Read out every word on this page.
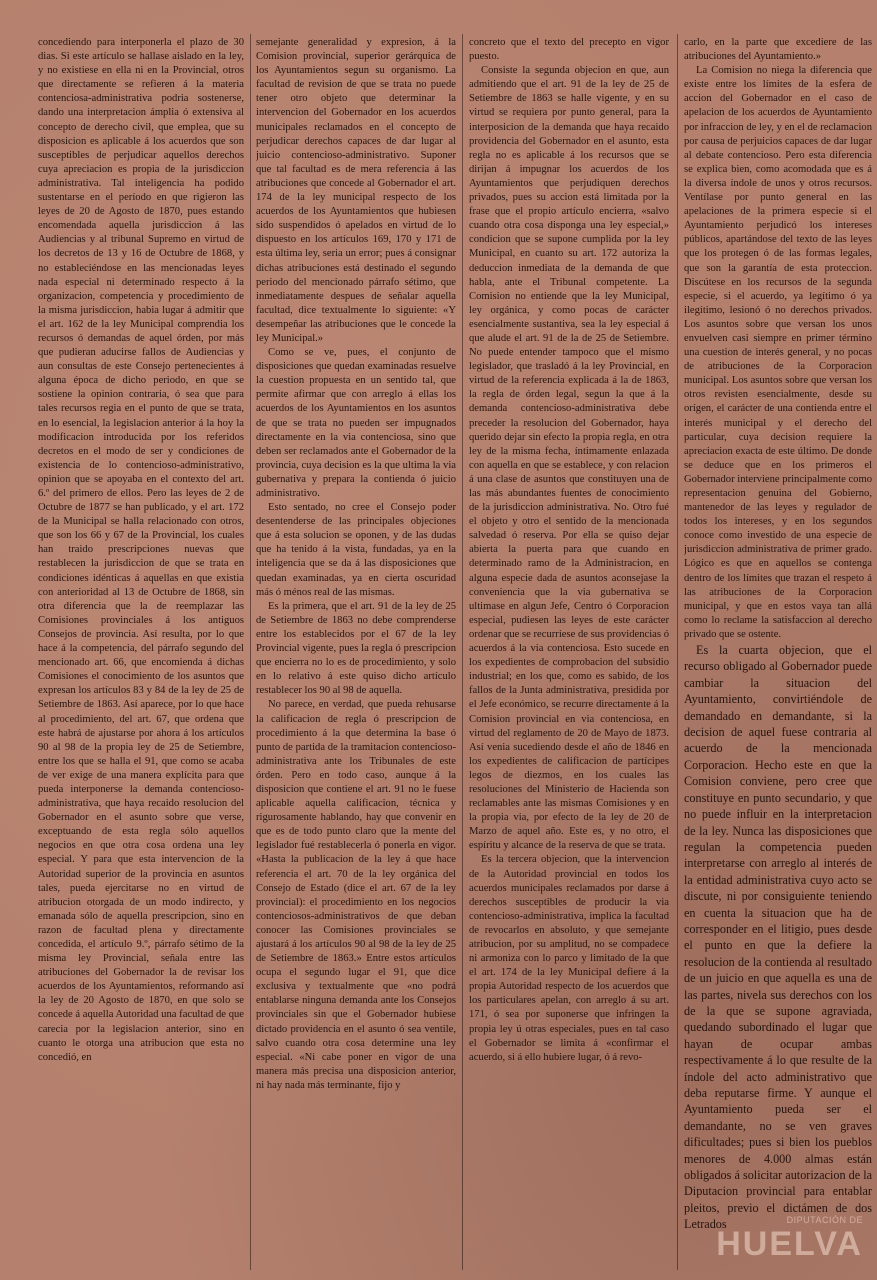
concediendo para interponerla el plazo de 30 dias. Si este artículo se hallase aislado en la ley, y no existiese en ella ni en la Provincial, otros que directamente se refieren á la materia contenciosa-administrativa podria sostenerse, dando una interpretacion ámplia ó extensiva al concepto de derecho civil, que emplea, que su disposicion es aplicable á los acuerdos que son susceptibles de perjudicar aquellos derechos cuya apreciacion es propia de la jurisdiccion administrativa. Tal inteligencia ha podido sustentarse en el período en que rigieron las leyes de 20 de Agosto de 1870, pues estando encomendada aquella jurisdiccion á las Audiencias y al tribunal Supremo en virtud de los decretos de 13 y 16 de Octubre de 1868, y no estableciéndose en las mencionadas leyes nada especial ni determinado respecto á la organizacion, competencia y procedimiento de la misma jurisdiccion, habia lugar á admitir que el art. 162 de la ley Municipal comprendia los recursos ó demandas de aquel órden, por más que pudieran aducirse fallos de Audiencias y aun consultas de este Consejo pertenecientes á alguna época de dicho periodo, en que se sostiene la opinion contraria, ó sea que para tales recursos regia en el punto de que se trata, en lo esencial, la legislacion anterior á la hoy la modificacion introducida por los referidos decretos en el modo de ser y condiciones de existencia de lo contencioso-administrativo, opinion que se apoyaba en el contexto del art. 6.º del primero de ellos. Pero las leyes de 2 de Octubre de 1877 se han publicado, y el art. 172 de la Municipal se halla relacionado con otros, que son los 66 y 67 de la Provincial, los cuales han traido prescripciones nuevas que restablecen la jurisdiccion de que se trata en condiciones idénticas á aquellas en que existia con anterioridad al 13 de Octubre de 1868, sin otra diferencia que la de reemplazar las Comisiones provinciales á los antiguos Consejos de provincia. Así resulta, por lo que hace á la competencia, del párrafo segundo del mencionado art. 66, que encomienda á dichas Comisiones el conocimiento de los asuntos que expresan los artículos 83 y 84 de la ley de 25 de Setiembre de 1863. Así aparece, por lo que hace al procedimiento, del art. 67, que ordena que este habrá de ajustarse por ahora á los artículos 90 al 98 de la propia ley de 25 de Setiembre, entre los que se halla el 91, que como se acaba de ver exige de una manera explícita para que pueda interponerse la demanda contencioso-administrativa, que haya recaido resolucion del Gobernador en el asunto sobre que verse, exceptuando de esta regla sólo aquellos negocios en que otra cosa ordena una ley especial. Y para que esta intervencion de la Autoridad superior de la provincia en asuntos tales, pueda ejercitarse no en virtud de atribucion otorgada de un modo indirecto, y emanada sólo de aquella prescripcion, sino en razon de facultad plena y directamente concedida, el artículo 9.º, párrafo sétimo de la misma ley Provincial, señala entre las atribuciones del Gobernador la de revisar los acuerdos de los Ayuntamientos, reformando así la ley de 20 Agosto de 1870, en que solo se concede á aquella Autoridad una facultad de que carecia por la legislacion anterior, sino en cuanto le otorga una atribucion que esta no concedió, en

semejante generalidad y expresion, á la Comision provincial, superior gerárquica de los Ayuntamientos segun su organismo. La facultad de revision de que se trata no puede tener otro objeto que determinar la intervencion del Gobernador en los acuerdos municipales reclamados en el concepto de perjudicar derechos capaces de dar lugar al juicio contencioso-administrativo. Suponer que tal facultad es de mera referencia á las atribuciones que concede al Gobernador el art. 174 de la ley municipal respecto de los acuerdos de los Ayuntamientos que hubiesen sido suspendidos ó apelados en virtud de lo dispuesto en los artículos 169, 170 y 171 de esta última ley, seria un error; pues á consignar dichas atribuciones está destinado el segundo periodo del mencionado párrafo sétimo, que inmediatamente despues de señalar aquella facultad, dice textualmente lo siguiente: «Y desempeñar las atribuciones que le concede la ley Municipal.»

Como se ve, pues, el conjunto de disposiciones que quedan examinadas resuelve la cuestion propuesta en un sentido tal, que permite afirmar que con arreglo á ellas los acuerdos de los Ayuntamientos en los asuntos de que se trata no pueden ser impugnados directamente en la via contenciosa, sino que deben ser reclamados ante el Gobernador de la provincia, cuya decision es la que ultima la via gubernativa y prepara la contienda ó juicio administrativo.

Esto sentado, no cree el Consejo poder desentenderse de las principales objeciones que á esta solucion se oponen, y de las dudas que ha tenido á la vista, fundadas, ya en la inteligencia que se da á las disposiciones que quedan examinadas, ya en cierta oscuridad más ó ménos real de las mismas.

Es la primera, que el art. 91 de la ley de 25 de Setiembre de 1863 no debe comprenderse entre los establecidos por el 67 de la ley Provincial vigente, pues la regla ó prescripcion que encierra no lo es de procedimiento, y solo en lo relativo á este quiso dicho artículo restablecer los 90 al 98 de aquella.

No parece, en verdad, que pueda rehusarse la calificacion de regla ó prescripcion de procedimiento á la que determina la base ó punto de partida de la tramitacion contencioso-administrativa ante los Tribunales de este órden. Pero en todo caso, aunque á la disposicion que contiene el art. 91 no le fuese aplicable aquella calificacion, técnica y rigurosamente hablando, hay que convenir en que es de todo punto claro que la mente del legislador fué restablecerla ó ponerla en vigor. «Hasta la publicacion de la ley á que hace referencia el art. 70 de la ley orgánica del Consejo de Estado (dice el art. 67 de la ley provincial): el procedimiento en los negocios contenciosos-administrativos de que deban conocer las Comisiones provinciales se ajustará á los artículos 90 al 98 de la ley de 25 de Setiembre de 1863.» Entre estos artículos ocupa el segundo lugar el 91, que dice exclusiva y textualmente que «no podrá entablarse ninguna demanda ante los Consejos provinciales sin que el Gobernador hubiese dictado providencia en el asunto ó sea ventile, salvo cuando otra cosa determine una ley especial. «Ni cabe poner en vigor de una manera más precisa una disposicion anterior, ni hay nada más terminante, fijo y

concreto que el texto del precepto en vigor puesto.

Consiste la segunda objecion en que, aun admitiendo que el art. 91 de la ley de 25 de Setiembre de 1863 se halle vigente, y en su virtud se requiera por punto general, para la interposicion de la demanda que haya recaido providencia del Gobernador en el asunto, esta regla no es aplicable á los recursos que se dirijan á impugnar los acuerdos de los Ayuntamientos que perjudiquen derechos privados, pues su accion está limitada por la frase que el propio artículo encierra, «salvo cuando otra cosa disponga una ley especial,» condicion que se supone cumplida por la ley Municipal, en cuanto su art. 172 autoriza la deduccion inmediata de la demanda de que habla, ante el Tribunal competente. La Comision no entiende que la ley Municipal, ley orgánica, y como pocas de carácter esencialmente sustantiva, sea la ley especial á que alude el art. 91 de la de 25 de Setiembre. No puede entender tampoco que el mismo legislador, que trasladó á la ley Provincial, en virtud de la referencia explicada á la de 1863, la regla de órden legal, segun la que á la demanda contencioso-administrativa debe preceder la resolucion del Gobernador, haya querido dejar sin efecto la propia regla, en otra ley de la misma fecha, íntimamente enlazada con aquella en que se establece, y con relacion á una clase de asuntos que constituyen una de las más abundantes fuentes de conocimiento de la jurisdiccion administrativa. No. Otro fué el objeto y otro el sentido de la mencionada salvedad ó reserva. Por ella se quiso dejar abierta la puerta para que cuando en determinado ramo de la Administracion, en alguna especie dada de asuntos aconsejase la conveniencia que la via gubernativa se ultimase en algun Jefe, Centro ó Corporacion especial, pudiesen las leyes de este carácter ordenar que se recurriese de sus providencias ó acuerdos á la via contenciosa. Esto sucede en los expedientes de comprobacion del subsidio industrial; en los que, como es sabido, de los fallos de la Junta administrativa, presidida por el Jefe económico, se recurre directamente á la Comision provincial en via contenciosa, en virtud del reglamento de 20 de Mayo de 1873. Así venia sucediendo desde el año de 1846 en los expedientes de calificacion de partícipes legos de diezmos, en los cuales las resoluciones del Ministerio de Hacienda son reclamables ante las mismas Comisiones y en la propia via, por efecto de la ley de 20 de Marzo de aquel año. Este es, y no otro, el espíritu y alcance de la reserva de que se trata.

Es la tercera objecion, que la intervencion de la Autoridad provincial en todos los acuerdos municipales reclamados por darse á derechos susceptibles de producir la via contencioso-administrativa, implica la facultad de revocarlos en absoluto, y que semejante atribucion, por su amplitud, no se compadece ni armoniza con lo parco y limitado de la que el art. 174 de la ley Municipal defiere á la propia Autoridad respecto de los acuerdos que los particulares apelan, con arreglo á su art. 171, ó sea por suponerse que infringen la propia ley ú otras especiales, pues en tal caso el Gobernador se limita á «confirmar el acuerdo, si á ello hubiere lugar, ó á revo-

carlo, en la parte que excediere de las atribuciones del Ayuntamiento.»

La Comision no niega la diferencia que existe entre los límites de la esfera de accion del Gobernador en el caso de apelacion de los acuerdos de Ayuntamiento por infraccion de ley, y en el de reclamacion por causa de perjuicios capaces de dar lugar al debate contencioso. Pero esta diferencia se explica bien, como acomodada que es á la diversa índole de unos y otros recursos. Ventílase por punto general en las apelaciones de la primera especie si el Ayuntamiento perjudicó los intereses públicos, apartándose del texto de las leyes que los protegen ó de las formas legales, que son la garantía de esta proteccion. Discútese en los recursos de la segunda especie, si el acuerdo, ya legítimo ó ya ilegítimo, lesionó ó no derechos privados. Los asuntos sobre que versan los unos envuelven casi siempre en primer término una cuestion de interés general, y no pocas de atribuciones de la Corporacion municipal. Los asuntos sobre que versan los otros revisten esencialmente, desde su orígen, el carácter de una contienda entre el interés municipal y el derecho del particular, cuya decision requiere la apreciacion exacta de este último. De donde se deduce que en los primeros el Gobernador interviene principalmente como representacion genuina del Gobierno, mantenedor de las leyes y regulador de todos los intereses, y en los segundos conoce como investido de una especie de jurisdiccion administrativa de primer grado. Lógico es que en aquellos se contenga dentro de los límites que trazan el respeto á las atribuciones de la Corporacion municipal, y que en estos vaya tan allá como lo reclame la satisfaccion al derecho privado que se ostente.

Es la cuarta objecion, que el recurso obligado al Gobernador puede cambiar la situacion del Ayuntamiento, convirtiéndole de demandado en demandante, si la decision de aquel fuese contraria al acuerdo de la mencionada Corporacion. Hecho este en que la Comision conviene, pero cree que constituye en punto secundario, y que no puede influir en la interpretacion de la ley. Nunca las disposiciones que regulan la competencia pueden interpretarse con arreglo al interés de la entidad administrativa cuyo acto se discute, ni por consiguiente teniendo en cuenta la situacion que ha de corresponder en el litigio, pues desde el punto en que la defiere la resolucion de la contienda al resultado de un juicio en que aquella es una de las partes, nivela sus derechos con los de la que se supone agraviada, quedando subordinado el lugar que hayan de ocupar ambas respectivamente á lo que resulte de la índole del acto administrativo que deba reputarse firme. Y aunque el Ayuntamiento pueda ser el demandante, no se ven graves dificultades; pues si bien los pueblos menores de 4.000 almas están obligados á solicitar autorizacion de la Diputacion provincial para entablar pleitos, previo el dictámen de dos Letrados	DIPUTACIÓN DE
HUELVA
